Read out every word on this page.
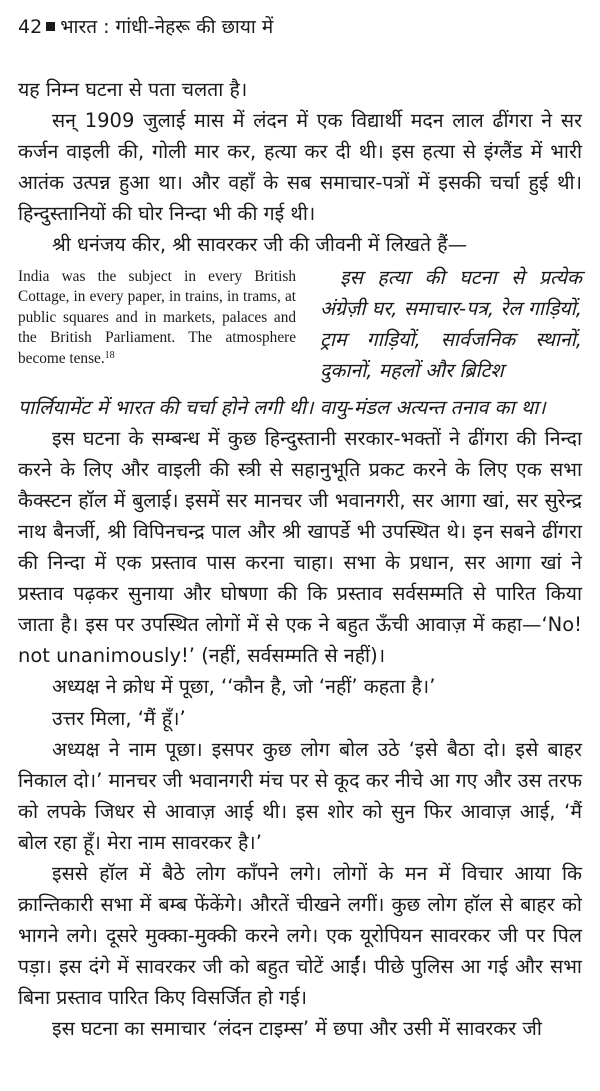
42 भारत : गांधी-नेहरू की छाया में

यह निम्न घटना से पता चलता है।

सन् 1909 जुलाई मास में लंदन में एक विद्यार्थी मदन लाल ढींगरा ने सर कर्जन वाइली की, गोली मार कर, हत्या कर दी थी। इस हत्या से इंग्लैंड में भारी आतंक उत्पन्न हुआ था। और वहाँ के सब समाचार-पत्रों में इसकी चर्चा हुई थी। हिन्दुस्तानियों की घोर निन्दा भी की गई थी।

श्री धनंजय कीर, श्री सावरकर जी की जीवनी में लिखते हैं—

India was the subject in every British Cottage, in every paper, in trains, in trams, at public squares and in markets, palaces and the British Parliament. The atmosphere become tense.$^{18}$
इस हत्या की घटना से प्रत्येक अंग्रेज़ी घर, समाचार-पत्र, रेल गाड़ियों, ट्राम गाड़ियों, सार्वजनिक स्थानों, दुकानों, महलों और ब्रिटिश

पार्लियामेंट में भारत की चर्चा होने लगी थी। वायु-मंडल अत्यन्त तनाव का था।

इस घटना के सम्बन्ध में कुछ हिन्दुस्तानी सरकार-भक्तों ने ढींगरा की निन्दा करने के लिए और वाइली की स्त्री से सहानुभूति प्रकट करने के लिए एक सभा कैक्स्टन हॉल में बुलाई। इसमें सर मानचर जी भवानगरी, सर आगा खां, सर सुरेन्द्र नाथ बैनर्जी, श्री विपिनचन्द्र पाल और श्री खापर्डे भी उपस्थित थे। इन सबने ढींगरा की निन्दा में एक प्रस्ताव पास करना चाहा। सभा के प्रधान, सर आगा खां ने प्रस्ताव पढ़कर सुनाया और घोषणा की कि प्रस्ताव सर्वसम्मति से पारित किया जाता है। इस पर उपस्थित लोगों में से एक ने बहुत ऊँची आवाज़ में कहा—‘No! not unanimously!’ (नहीं, सर्वसम्मति से नहीं)।

अध्यक्ष ने क्रोध में पूछा, ‘‘कौन है, जो ‘नहीं’ कहता है।’

उत्तर मिला, ‘मैं हूँ।’

अध्यक्ष ने नाम पूछा। इसपर कुछ लोग बोल उठे ‘इसे बैठा दो। इसे बाहर निकाल दो।’ मानचर जी भवानगरी मंच पर से कूद कर नीचे आ गए और उस तरफ को लपके जिधर से आवाज़ आई थी। इस शोर को सुन फिर आवाज़ आई, ‘मैं बोल रहा हूँ। मेरा नाम सावरकर है।’

इससे हॉल में बैठे लोग काँपने लगे। लोगों के मन में विचार आया कि क्रान्तिकारी सभा में बम्ब फेंकेंगे। औरतें चीखने लगीं। कुछ लोग हॉल से बाहर को भागने लगे। दूसरे मुक्का-मुक्की करने लगे। एक यूरोपियन सावरकर जी पर पिल पड़ा। इस दंगे में सावरकर जी को बहुत चोटें आईं। पीछे पुलिस आ गई और सभा बिना प्रस्ताव पारित किए विसर्जित हो गई।

इस घटना का समाचार ‘लंदन टाइम्स’ में छपा और उसी में सावरकर जी
